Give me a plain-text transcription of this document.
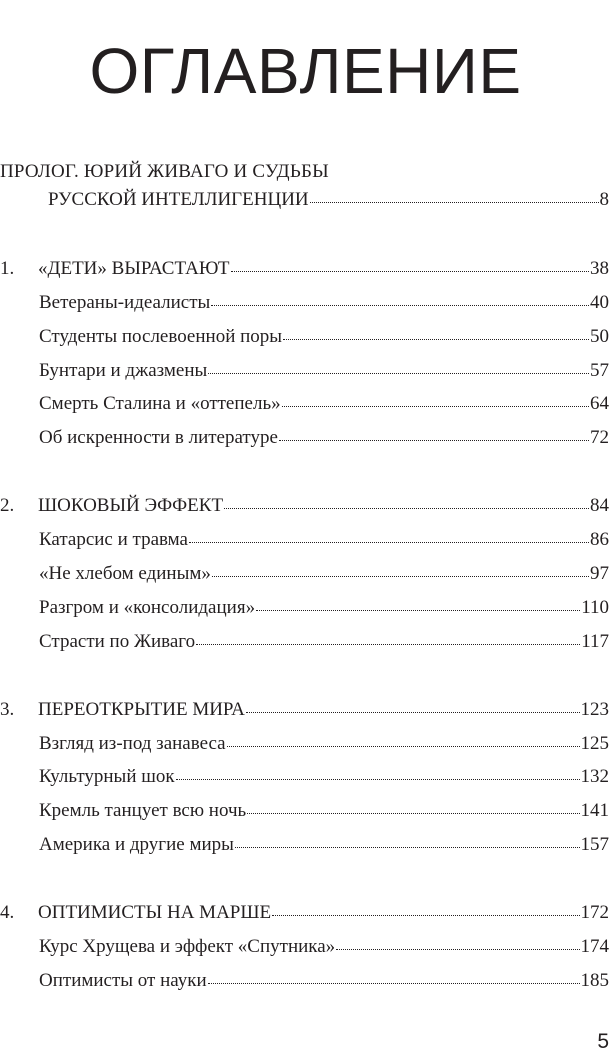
ОГЛАВЛЕНИЕ
ПРОЛОГ. ЮРИЙ ЖИВАГО И СУДЬБЫ
РУССКОЙ ИНТЕЛЛИГЕНЦИИ	8
1. «ДЕТИ» ВЫРАСТАЮТ	38
Ветераны-идеалисты	40
Студенты послевоенной поры	50
Бунтари и джазмены	57
Смерть Сталина и «оттепель»	64
Об искренности в литературе	72
2. ШОКОВЫЙ ЭФФЕКТ	84
Катарсис и травма	86
«Не хлебом единым»	97
Разгром и «консолидация»	110
Страсти по Живаго	117
3. ПЕРЕОТКРЫТИЕ МИРА	123
Взгляд из-под занавеса	125
Культурный шок	132
Кремль танцует всю ночь	141
Америка и другие миры	157
4. ОПТИМИСТЫ НА МАРШЕ	172
Курс Хрущева и эффект «Спутника»	174
Оптимисты от науки	185
5
